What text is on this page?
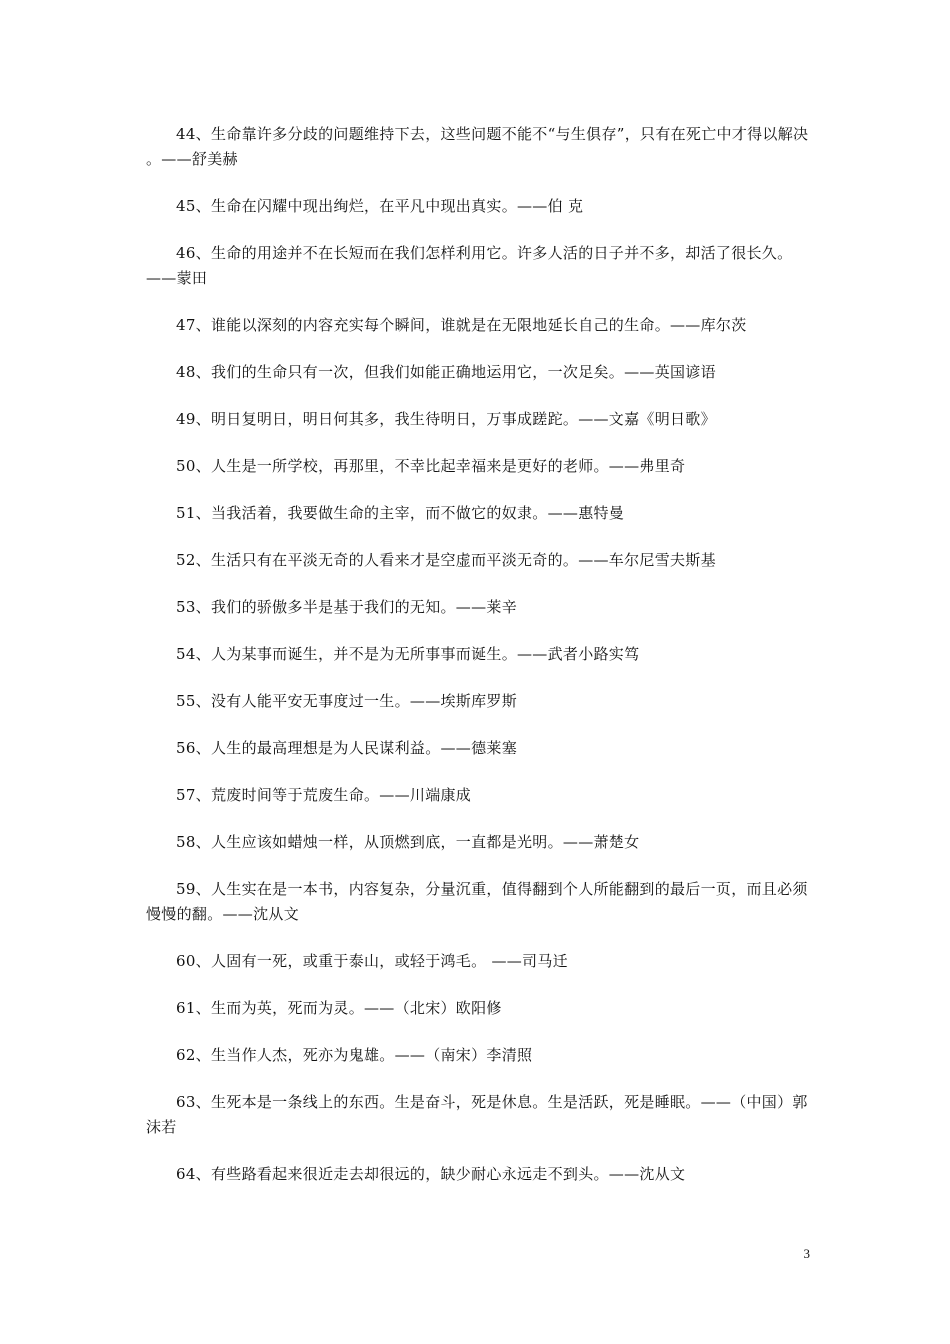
44、生命靠许多分歧的问题维持下去，这些问题不能不“与生俱存”，只有在死亡中才得以解决 。——舒美赫

45、生命在闪耀中现出绚烂，在平凡中现出真实。——伯 克

46、生命的用途并不在长短而在我们怎样利用它。许多人活的日子并不多，却活了很长久。——蒙田

47、谁能以深刻的内容充实每个瞬间，谁就是在无限地延长自己的生命。——库尔茨

48、我们的生命只有一次，但我们如能正确地运用它，一次足矣。——英国谚语

49、明日复明日，明日何其多，我生待明日，万事成蹉跎。——文嘉《明日歌》

50、人生是一所学校，再那里，不幸比起幸福来是更好的老师。——弗里奇

51、当我活着，我要做生命的主宰，而不做它的奴隶。——惠特曼

52、生活只有在平淡无奇的人看来才是空虚而平淡无奇的。——车尔尼雪夫斯基

53、我们的骄傲多半是基于我们的无知。——莱辛

54、人为某事而诞生，并不是为无所事事而诞生。——武者小路实笃

55、没有人能平安无事度过一生。——埃斯库罗斯

56、人生的最高理想是为人民谋利益。——德莱塞

57、荒废时间等于荒废生命。——川端康成

58、人生应该如蜡烛一样，从顶燃到底，一直都是光明。——萧楚女

59、人生实在是一本书，内容复杂，分量沉重，值得翻到个人所能翻到的最后一页，而且必须慢慢的翻。——沈从文

60、人固有一死，或重于泰山，或轻于鸿毛。 ——司马迁

61、生而为英，死而为灵。——（北宋）欧阳修

62、生当作人杰，死亦为鬼雄。——（南宋）李清照

63、生死本是一条线上的东西。生是奋斗，死是休息。生是活跃，死是睡眠。——（中国）郭沫若

64、有些路看起来很近走去却很远的，缺少耐心永远走不到头。——沈从文

3
